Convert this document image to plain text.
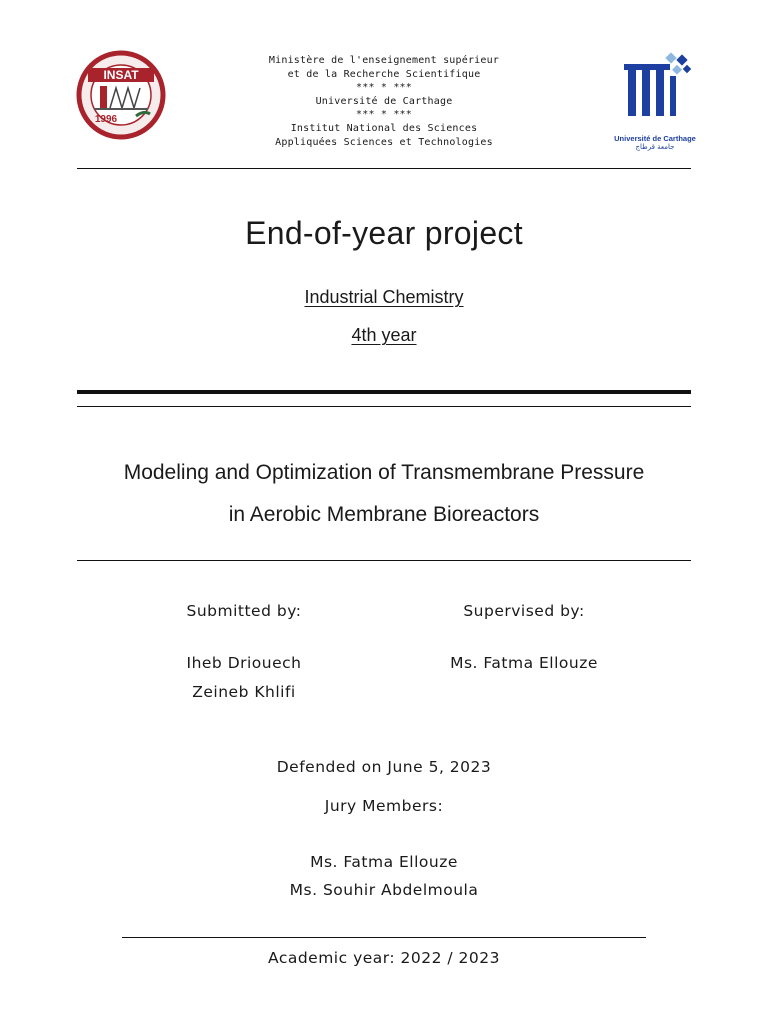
INSAT
1996
Ministère de l'enseignement supérieur
et de la Recherche Scientifique
*** * ***
Université de Carthage
*** * ***
Institut National des Sciences
Appliquées Sciences et Technologies	Université de Carthage
جامعة قرطاج
End-of-year project
Industrial Chemistry
4th year
Modeling and Optimization of Transmembrane Pressure
in Aerobic Membrane Bioreactors
Submitted by:
Iheb Driouech
Zeineb Khlifi
Supervised by:
Ms. Fatma Ellouze
Defended on June 5, 2023
Jury Members:
Ms. Fatma Ellouze
Ms. Souhir Abdelmoula
Academic year: 2022 / 2023
